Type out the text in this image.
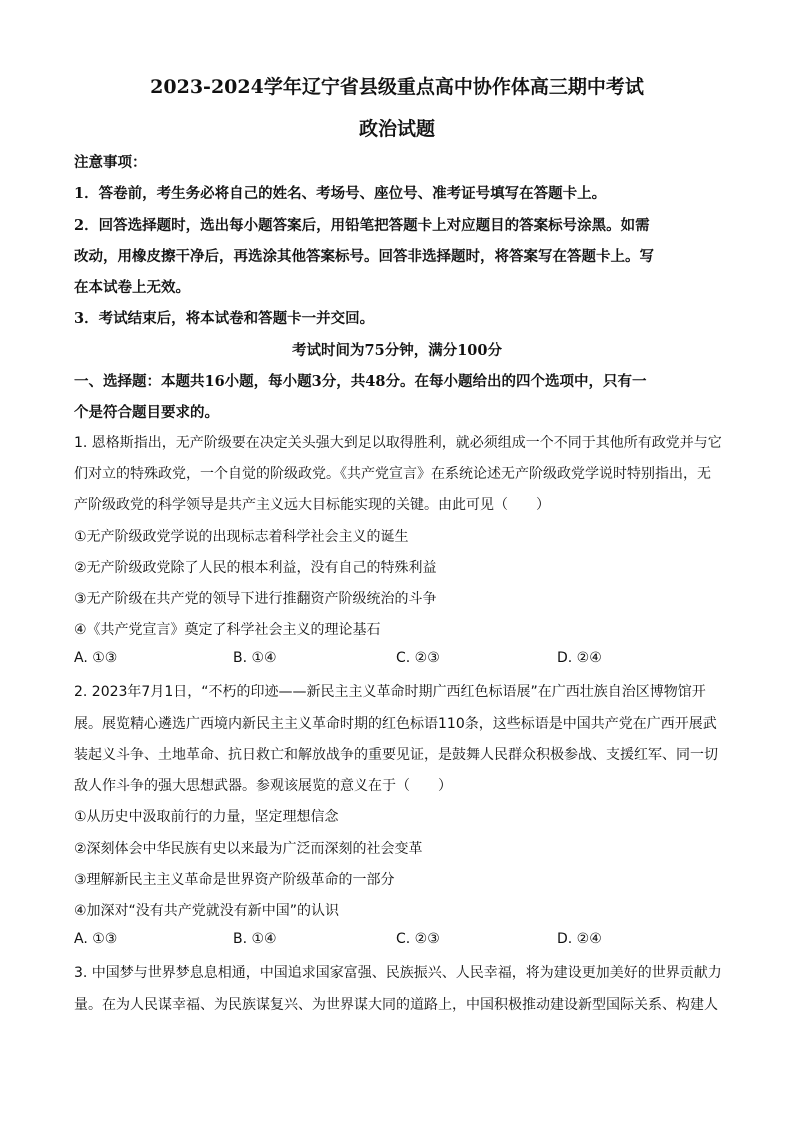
2023-2024学年辽宁省县级重点高中协作体高三期中考试
政治试题
注意事项：
1．答卷前，考生务必将自己的姓名、考场号、座位号、准考证号填写在答题卡上。
2．回答选择题时，选出每小题答案后，用铅笔把答题卡上对应题目的答案标号涂黑。如需
改动，用橡皮擦干净后，再选涂其他答案标号。回答非选择题时，将答案写在答题卡上。写
在本试卷上无效。
3．考试结束后，将本试卷和答题卡一并交回。
考试时间为75分钟，满分100分
一、选择题：本题共16小题，每小题3分，共48分。在每小题给出的四个选项中，只有一
个是符合题目要求的。
1. 恩格斯指出，无产阶级要在决定关头强大到足以取得胜利，就必须组成一个不同于其他所有政党并与它
们对立的特殊政党，一个自觉的阶级政党。《共产党宣言》在系统论述无产阶级政党学说时特别指出，无
产阶级政党的科学领导是共产主义远大目标能实现的关键。由此可见（　　）
①无产阶级政党学说的出现标志着科学社会主义的诞生
②无产阶级政党除了人民的根本利益，没有自己的特殊利益
③无产阶级在共产党的领导下进行推翻资产阶级统治的斗争
④《共产党宣言》奠定了科学社会主义的理论基石
A. ①③	B. ①④	C. ②③	D. ②④
2. 2023年7月1日，“不朽的印迹——新民主主义革命时期广西红色标语展”在广西壮族自治区博物馆开
展。展览精心遴选广西境内新民主主义革命时期的红色标语110条，这些标语是中国共产党在广西开展武
装起义斗争、土地革命、抗日救亡和解放战争的重要见证，是鼓舞人民群众积极参战、支援红军、同一切
敌人作斗争的强大思想武器。参观该展览的意义在于（　　）
①从历史中汲取前行的力量，坚定理想信念
②深刻体会中华民族有史以来最为广泛而深刻的社会变革
③理解新民主主义革命是世界资产阶级革命的一部分
④加深对“没有共产党就没有新中国”的认识
A. ①③	B. ①④	C. ②③	D. ②④
3. 中国梦与世界梦息息相通，中国追求国家富强、民族振兴、人民幸福，将为建设更加美好的世界贡献力
量。在为人民谋幸福、为民族谋复兴、为世界谋大同的道路上，中国积极推动建设新型国际关系、构建人
